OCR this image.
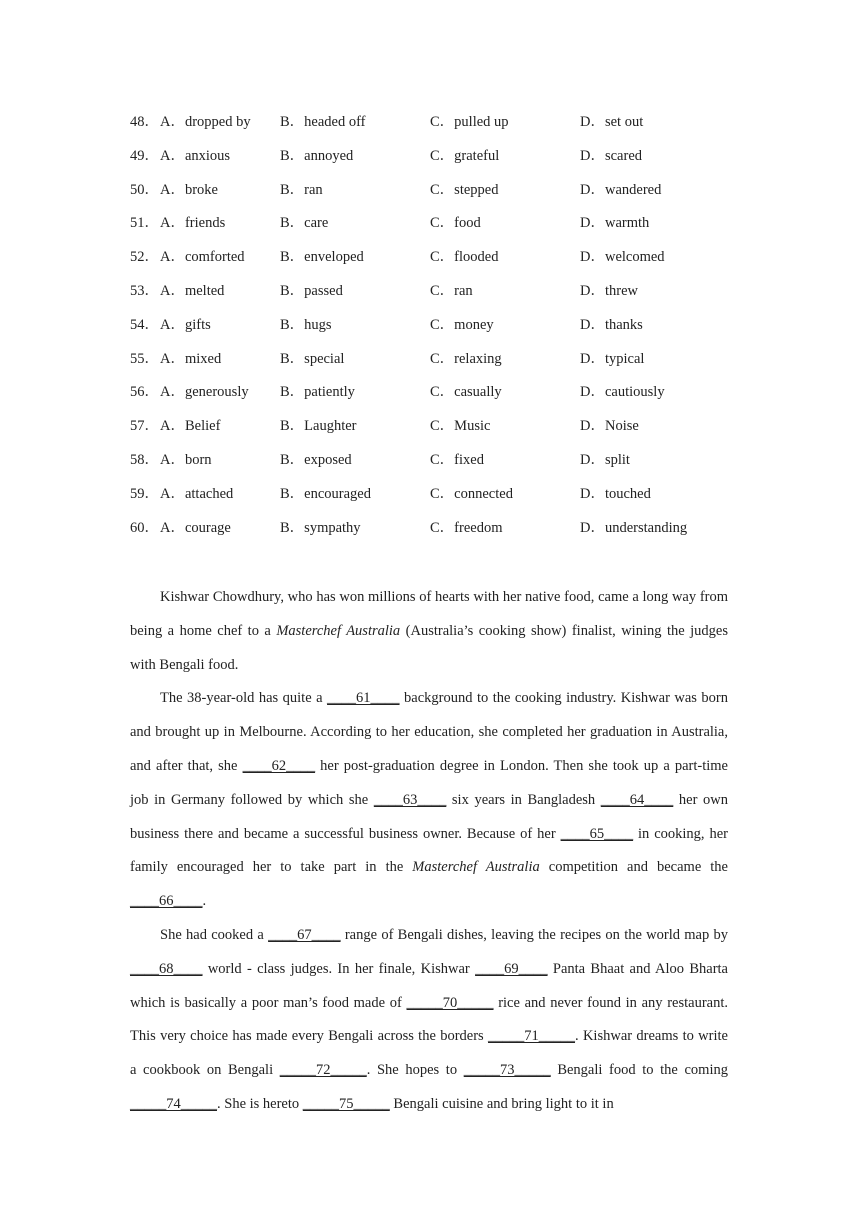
48． A．dropped by B．headed off	C．pulled up	D．set out
49． A．anxious	B．annoyed	C．grateful	D．scared
50． A．broke	B．ran	C．stepped	D．wandered
51． A．friends	B．care	C．food	D．warmth
52． A．comforted B．enveloped	C．flooded	D．welcomed
53． A．melted	B．passed	C．ran	D．threw
54． A．gifts	B．hugs	C．money	D．thanks
55． A．mixed	B．special	C．relaxing	D．typical
56． A．generously B．patiently	C．casually	D．cautiously
57． A．Belief	B．Laughter	C．Music	D．Noise
58． A．born	B．exposed	C．fixed	D．split
59． A．attached	B．encouraged	C．connected	D．touched
60． A．courage	B．sympathy	C．freedom	D．understanding

Kishwar Chowdhury, who has won millions of hearts with her native food, came a long way from being a home chef to a Masterchef Australia (Australia’s cooking show) finalist, wining the judges with Bengali food.

The 38-year-old has quite a ____61____ background to the cooking industry. Kishwar was born and brought up in Melbourne. According to her education, she completed her graduation in Australia, and after that, she ____62____ her post-graduation degree in London. Then she took up a part-time job in Germany followed by which she ____63____ six years in Bangladesh ____64____ her own business there and became a successful business owner. Because of her ____65____ in cooking, her family encouraged her to take part in the Masterchef Australia competition and became the ____66____.

She had cooked a ____67____ range of Bengali dishes, leaving the recipes on the world map by ____68____ world - class judges. In her finale, Kishwar ____69____ Panta Bhaat and Aloo Bharta which is basically a poor man’s food made of _____70_____ rice and never found in any restaurant. This very choice has made every Bengali across the borders _____71_____. Kishwar dreams to write a cookbook on Bengali _____72_____. She hopes to _____73_____ Bengali food to the coming _____74_____. She is hereto _____75_____ Bengali cuisine and bring light to it in
